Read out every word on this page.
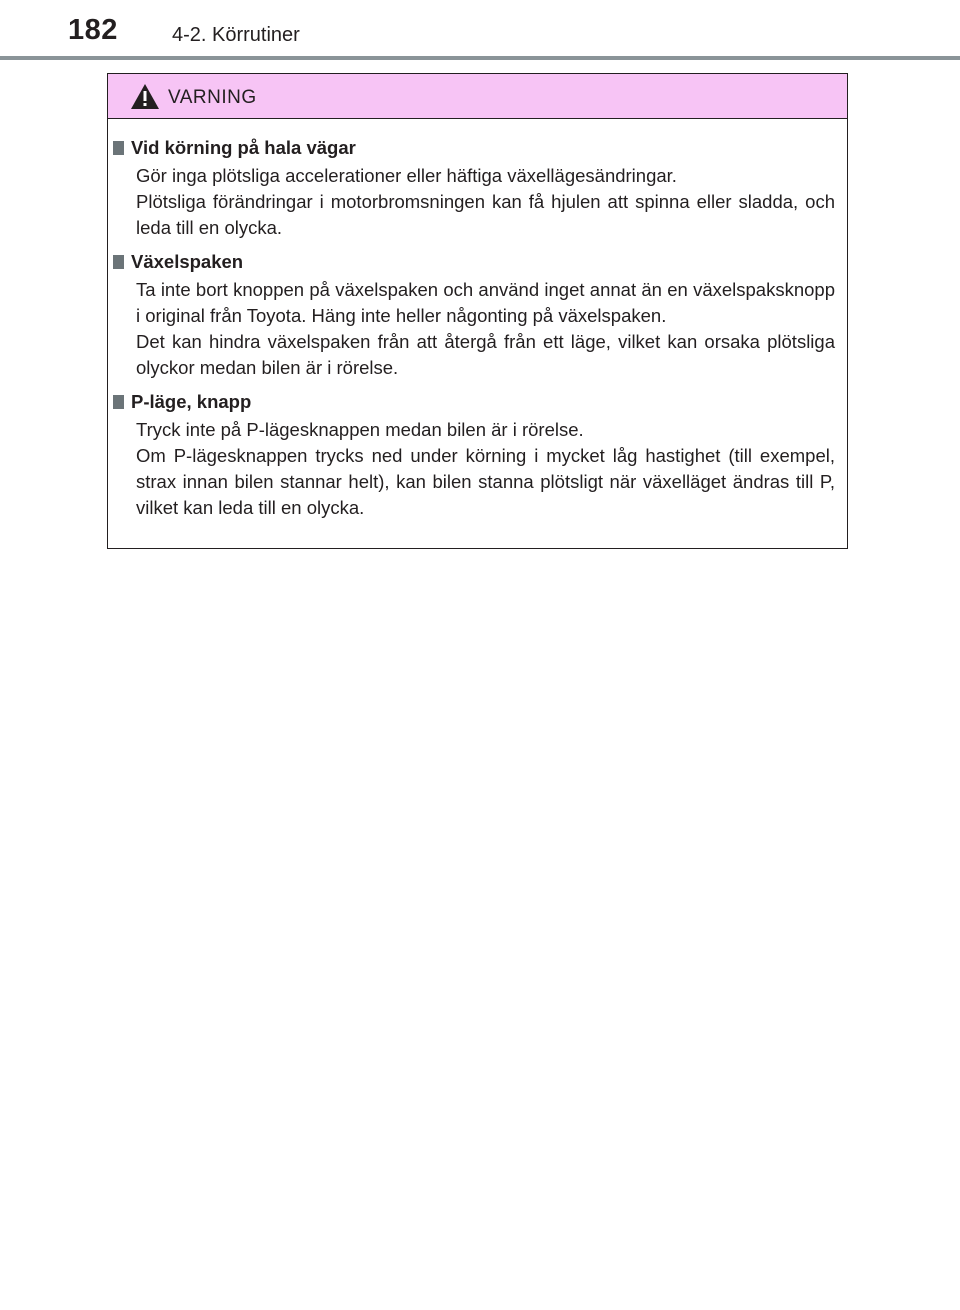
182	4-2. Körrutiner
VARNING
Vid körning på hala vägar

Gör inga plötsliga accelerationer eller häftiga växellägesändringar.

Plötsliga förändringar i motorbromsningen kan få hjulen att spinna eller sladda, och leda till en olycka.

Växelspaken

Ta inte bort knoppen på växelspaken och använd inget annat än en växelspaksknopp i original från Toyota. Häng inte heller någonting på växelspaken.

Det kan hindra växelspaken från att återgå från ett läge, vilket kan orsaka plötsliga olyckor medan bilen är i rörelse.

P-läge, knapp

Tryck inte på P-lägesknappen medan bilen är i rörelse.

Om P-lägesknappen trycks ned under körning i mycket låg hastighet (till exempel, strax innan bilen stannar helt), kan bilen stanna plötsligt när växelläget ändras till P, vilket kan leda till en olycka.
